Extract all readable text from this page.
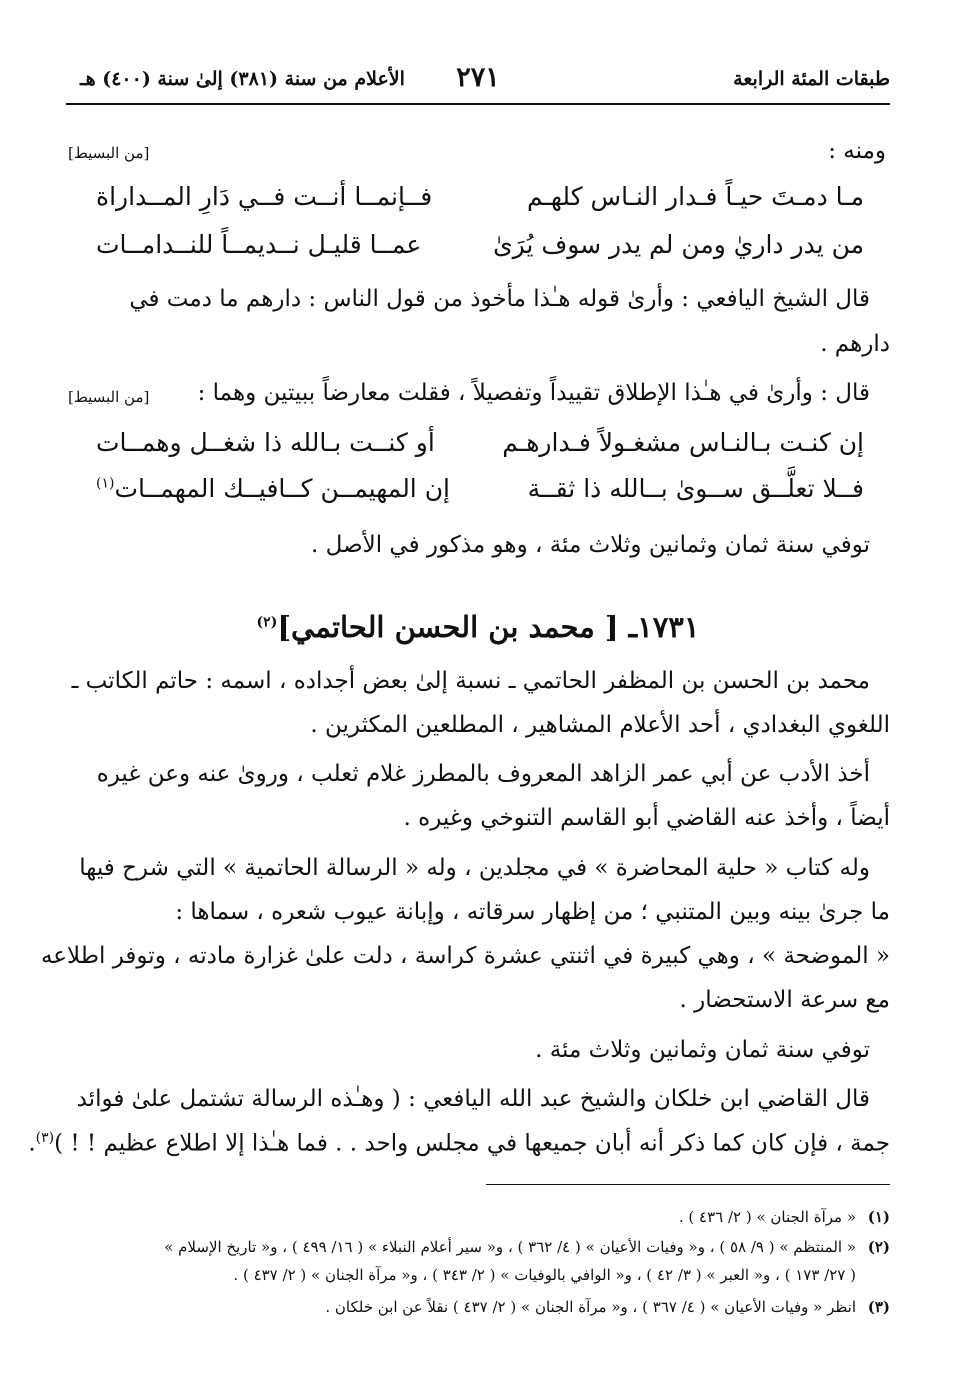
طبقات المئة الرابعة
٢٧١
الأعلام من سنة (٣٨١) إلىٰ سنة (٤٠٠) هـ
ومنه :
[من البسيط]
مـا دمـتَ حيـاً فـدار النـاس كلهـم
فــإنمــا أنــت فــي دَارِ المــداراة
من يدر داريٰ ومن لم يدر سوف يُرَىٰ
عمــا قليـل نــديمــاً للنــدامــات
قال الشيخ اليافعي : وأرىٰ قوله هـٰذا مأخوذ من قول الناس : دارهم ما دمت في
دارهم .
قال : وأرىٰ في هـٰذا الإطلاق تقييداً وتفصيلاً ، فقلت معارضاً ببيتين وهما :
[من البسيط]
إن كنـت بـالنـاس مشغـولاً فـدارهـم
أو كنــت بـالله ذا شغــل وهمــات
فــلا تعلَّــق ســوىٰ بــالله ذا ثقــة
إن المهيمــن كــافيــك المهمــات$^{(١)}$
توفي سنة ثمان وثمانين وثلاث مئة ، وهو مذكور في الأصل .
١٧٣١ـ [ محمد بن الحسن الحاتمي]$^{(٢)}$
محمد بن الحسن بن المظفر الحاتمي ـ نسبة إلىٰ بعض أجداده ، اسمه : حاتم الكاتب ـ
اللغوي البغدادي ، أحد الأعلام المشاهير ، المطلعين المكثرين .
أخذ الأدب عن أبي عمر الزاهد المعروف بالمطرز غلام ثعلب ، ورویٰ عنه وعن غيره
أيضاً ، وأخذ عنه القاضي أبو القاسم التنوخي وغيره .
وله كتاب « حلية المحاضرة » في مجلدين ، وله « الرسالة الحاتمية » التي شرح فيها
ما جرىٰ بينه وبين المتنبي ؛ من إظهار سرقاته ، وإبانة عيوب شعره ، سماها :
« الموضحة » ، وهي كبيرة في اثنتي عشرة كراسة ، دلت علىٰ غزارة مادته ، وتوفر اطلاعه
مع سرعة الاستحضار .
توفي سنة ثمان وثمانين وثلاث مئة .
قال القاضي ابن خلكان والشيخ عبد الله اليافعي : ( وهـٰذه الرسالة تشتمل علىٰ فوائد
جمة ، فإن كان كما ذكر أنه أبان جميعها في مجلس واحد . . فما هـٰذا إلا اطلاع عظيم ! ! )$^{(٣)}$.
(١)« مرآة الجنان » ( ٢/ ٤٣٦ ) .
(٢)« المنتظم » ( ٩/ ٥٨ ) ، و« وفيات الأعيان » ( ٤/ ٣٦٢ ) ، و« سير أعلام النبلاء » ( ١٦/ ٤٩٩ ) ، و« تاريخ الإسلام »
( ٢٧/ ١٧٣ ) ، و« العبر » ( ٣/ ٤٢ ) ، و« الوافي بالوفيات » ( ٢/ ٣٤٣ ) ، و« مرآة الجنان » ( ٢/ ٤٣٧ ) .
(٣)انظر « وفيات الأعيان » ( ٤/ ٣٦٧ ) ، و« مرآة الجنان » ( ٢/ ٤٣٧ ) نقلاً عن ابن خلكان .
